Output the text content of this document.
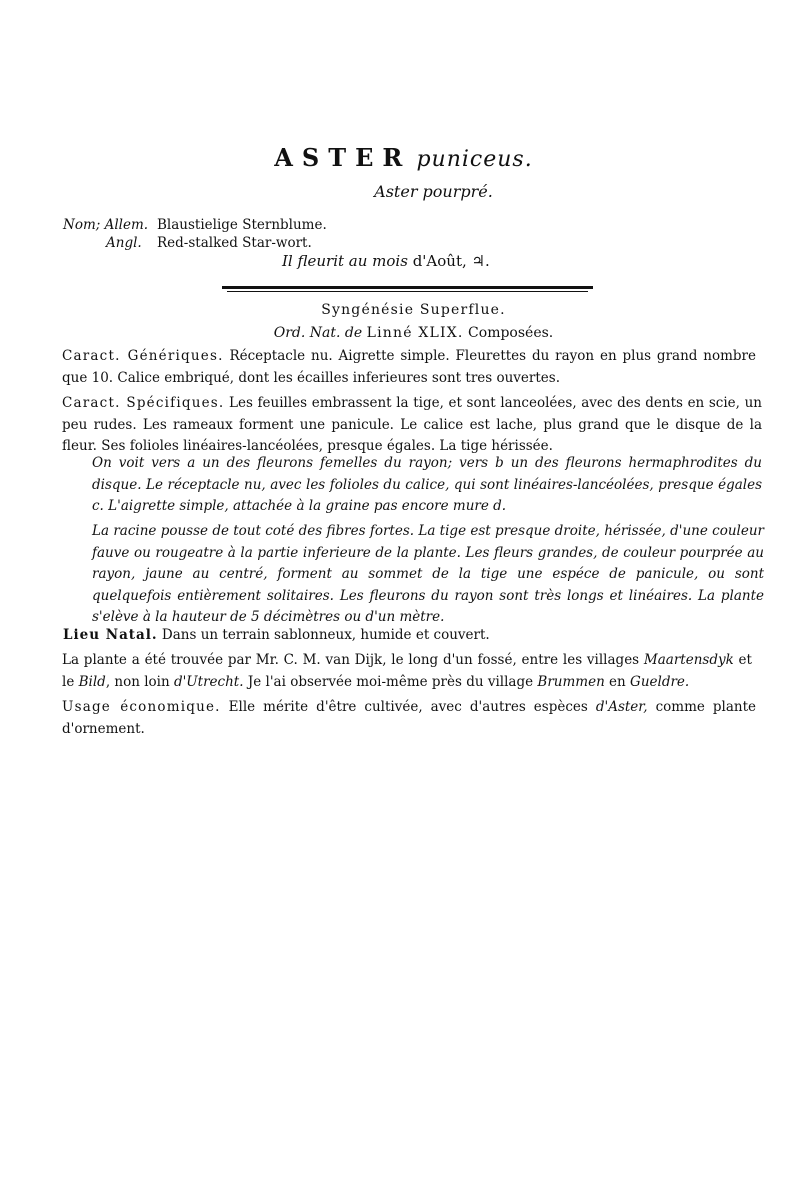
ASTER puniceus.
Aster pourpré.
Nom; Allem. Blaustielige Sternblume.
Angl. Red-stalked Star-wort.
Il fleurit au mois d'Août, ♃.
Syngénésie Superflue.
Ord. Nat. de Linné XLIX. Composées.
Caract. Génériques. Réceptacle nu. Aigrette simple. Fleurettes du rayon en plus grand nombre que 10. Calice embriqué, dont les écailles inferieures sont tres ouvertes.
Caract. Spécifiques. Les feuilles embrassent la tige, et sont lanceolées, avec des dents en scie, un peu rudes. Les rameaux forment une panicule. Le calice est lache, plus grand que le disque de la fleur. Ses folioles linéaires-lancéolées, presque égales. La tige hérissée.
On voit vers a un des fleurons femelles du rayon; vers b un des fleurons hermaphrodites du disque. Le réceptacle nu, avec les folioles du calice, qui sont linéaires-lancéolées, presque égales c. L'aigrette simple, attachée à la graine pas encore mure d.
La racine pousse de tout coté des fibres fortes. La tige est presque droite, hérissée, d'une couleur fauve ou rougeatre à la partie inferieure de la plante. Les fleurs grandes, de couleur pourprée au rayon, jaune au centré, forment au sommet de la tige une espéce de panicule, ou sont quelquefois entièrement solitaires. Les fleurons du rayon sont très longs et linéaires. La plante s'elève à la hauteur de 5 décimètres ou d'un mètre.
Lieu Natal. Dans un terrain sablonneux, humide et couvert.
La plante a été trouvée par Mr. C. M. van Dijk, le long d'un fossé, entre les villages Maartensdyk et le Bild, non loin d'Utrecht. Je l'ai observée moi-même près du village Brummen en Gueldre.
Usage économique. Elle mérite d'être cultivée, avec d'autres espèces d'Aster, comme plante d'ornement.
